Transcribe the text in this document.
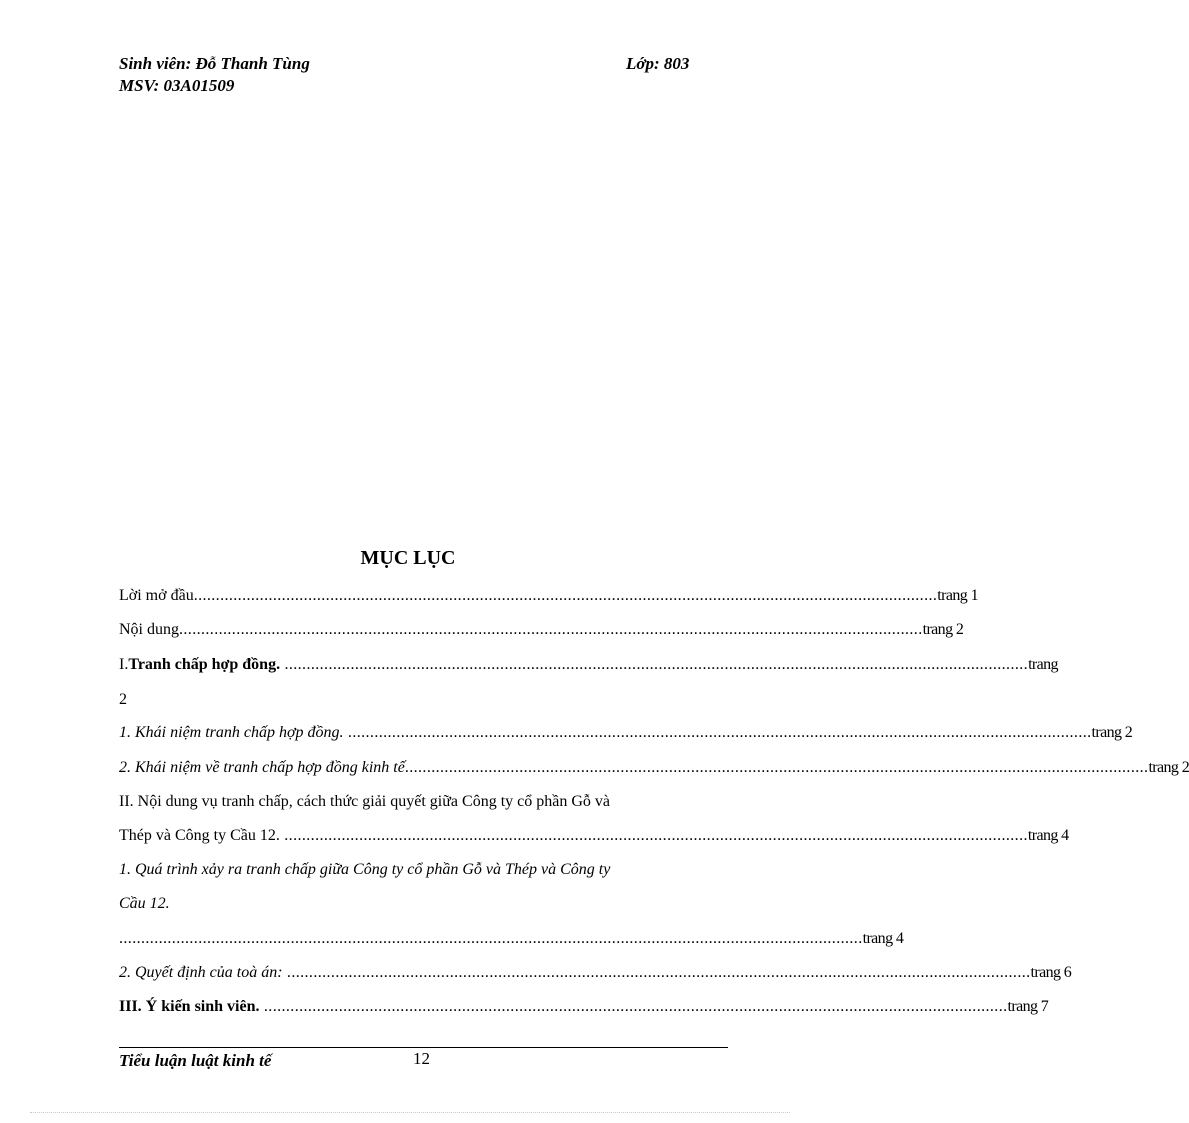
Sinh viên: Đỗ Thanh Tùng
MSV: 03A01509
Lớp: 803
MỤC LỤC
Lời mở đầu ......................................................................................................................................................................... trang 1
Nội dung ......................................................................................................................................................................... trang 2
I. Tranh chấp hợp đồng. ......................................................................................................................................................................... trang
2
1. Khái niệm tranh chấp hợp đồng. ......................................................................................................................................................................... trang 2
2. Khái niệm về tranh chấp hợp đồng kinh tế ......................................................................................................................................................................... trang 2
II. Nội dung vụ tranh chấp, cách thức giải quyết giữa Công ty cổ phần Gỗ và
Thép và Công ty Cầu 12. ......................................................................................................................................................................... trang 4
1. Quá trình xảy ra tranh chấp giữa Công ty cổ phần Gỗ và Thép và Công ty
Cầu 12.
......................................................................................................................................................................... trang 4
2. Quyết định của toà án: ......................................................................................................................................................................... trang 6
III. Ý kiến sinh viên. ......................................................................................................................................................................... trang 7
Tiểu luận luật kinh tế	12
